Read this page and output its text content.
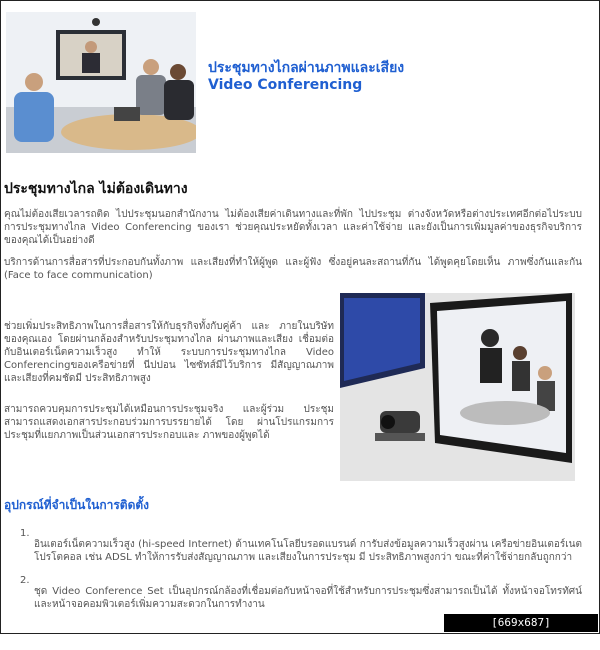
ประชุมทางไกลผ่านภาพและเสียง
Video Conferencing
ประชุมทางไกล ไม่ต้องเดินทาง

คุณไม่ต้องเสียเวลารถติด ไปประชุมนอกสำนักงาน ไม่ต้องเสียค่าเดินทางและที่พัก ไปประชุม ต่างจังหวัดหรือต่างประเทศอีกต่อไประบบการประชุมทางไกล Video Conferencing ของเรา ช่วยคุณประหยัดทั้งเวลา และค่าใช้จ่าย และยังเป็นการเพิ่มมูลค่าของธุรกิจบริการของคุณได้เป็นอย่างดี

บริการด้านการสื่อสารที่ประกอบกันทั้งภาพ และเสียงที่ทำให้ผู้พูด และผู้ฟัง ซึ่งอยู่คนละสถานที่กัน ได้พูดคุยโดยเห็น ภาพซึ่งกันและกัน (Face to face communication)

ช่วยเพิ่มประสิทธิภาพในการสื่อสารให้กับธุรกิจทั้งกับคู่ค้า และ ภายในบริษัทของคุณเอง โดยผ่านกล้องสำหรับประชุมทางไกล ผ่านภาพและเสียง เชื่อมต่อกับอินเตอร์เน็ตความเร็วสูง ทำให้ ระบบการประชุมทางไกล Video Conferencingของเครือข่ายที่ นีปปอน ไซซัทส์มีไว้บริการ มีสัญญาณภาพ และเสียงที่คมชัดมี ประสิทธิภาพสูง

สามารถควบคุมการประชุมได้เหมือนการประชุมจริง และผู้ร่วม ประชุมสามารถแสดงเอกสารประกอบร่วมการบรรยายได้ โดย ผ่านโปรแกรมการประชุมที่แยกภาพเป็นส่วนเอกสารประกอบและ ภาพของผู้พูดได้

อุปกรณ์ที่จำเป็นในการติดตั้ง
1.

อินเตอร์เน็ตความเร็วสูง (hi-speed Internet) ด้านเทคโนโลยีบรอดแบรนด์ การับส่งข้อมูลความเร็วสูงผ่าน เครือข่ายอินเตอร์เนตโปรโตคอล เช่น ADSL ทำให้การรับส่งสัญญาณภาพ และเสียงในการประชุม มี ประสิทธิภาพสูงกว่า ขณะที่ค่าใช้จ่ายกลับถูกกว่า

2.

ชุด Video Conference Set เป็นอุปกรณ์กล้องที่เชื่อมต่อกับหน้าจอที่ใช้สำหรับการประชุมซึ่งสามารถเป็นได้ ทั้งหน้าจอโทรทัศน์และหน้าจอคอมพิวเตอร์เพิ่มความสะดวกในการทำงาน

[669x687] https://upic.me/
